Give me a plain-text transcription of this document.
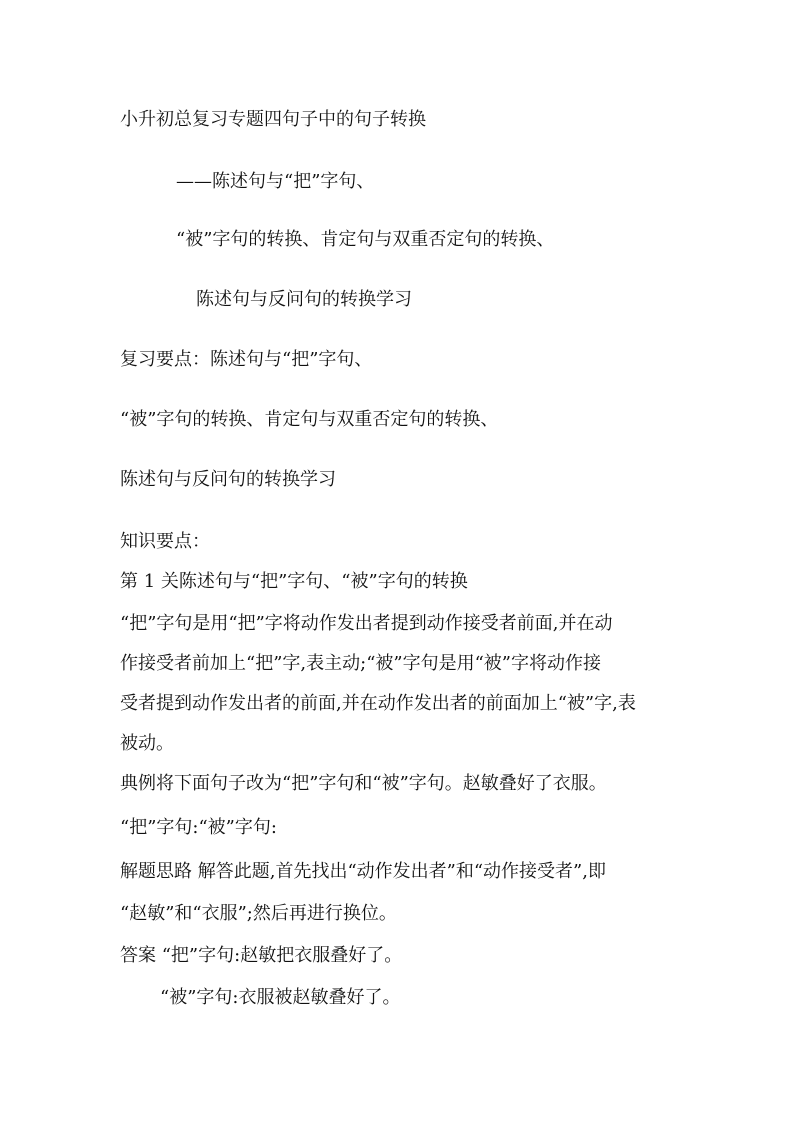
小升初总复习专题四句子中的句子转换
——陈述句与“把”字句、
“被”字句的转换、肯定句与双重否定句的转换、
陈述句与反问句的转换学习
复习要点：陈述句与“把”字句、
“被”字句的转换、肯定句与双重否定句的转换、
陈述句与反问句的转换学习
知识要点：
第 1 关陈述句与“把”字句、“被”字句的转换
“把”字句是用“把”字将动作发出者提到动作接受者前面,并在动
作接受者前加上“把”字,表主动;“被”字句是用“被”字将动作接
受者提到动作发出者的前面,并在动作发出者的前面加上“被”字,表
被动。
典例将下面句子改为“把”字句和“被”字句。赵敏叠好了衣服。
“把”字句:“被”字句:
解题思路 解答此题,首先找出“动作发出者”和“动作接受者”,即
“赵敏”和“衣服”;然后再进行换位。
答案 “把”字句:赵敏把衣服叠好了。
“被”字句:衣服被赵敏叠好了。
